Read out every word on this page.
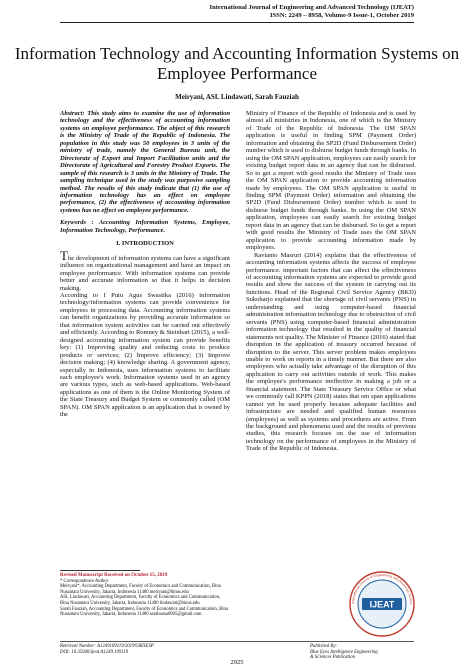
International Journal of Engineering and Advanced Technology (IJEAT)
ISSN: 2249 – 8958, Volume-9 Issue-1, October 2019
Information Technology and Accounting Information Systems on Employee Performance
Meiryani, ASL Lindawati, Sarah Fauziah

Abstract: This study aims to examine the use of information technology and the effectiveness of accounting information systems on employee performance. The object of this research is the Ministry of Trade of the Republic of Indonesia. The population in this study was 50 employees in 3 units of the ministry of trade, namely the General Bureau unit, the Directorate of Export and Import Facilitation units and the Directorate of Agricultural and Forestry Product Exports. The sample of this research is 3 units in the Ministry of Trade. The sampling technique used in the study was purposive sampling method. The results of this study indicate that (1) the use of information technology has an effect on employee performance, (2) the effectiveness of accounting information systems has no effect on employee performance.

Keywords : Accounting Information Systems, Employee, Information Technology, Performance.

I. INTRODUCTION

The development of information systems can have a significant influence on organizational management and have an impact on employee performance. With information systems can provide better and accurate information so that it helps in decision making.

According to I Putu Agus Swastika (2016) information technology/information systems can provide convenience for employees in processing data. Accounting information systems can benefit organizations by providing accurate information so that information system activities can be carried out effectively and efficiently. According to Romney & Steinbart (2015), a well-designed accounting information system can provide benefits key: (1) Improving quality and reducing costs to produce products or services; (2) Improve efficiency; (3) Improve decision making; (4) knowledge sharing. A government agency, especially in Indonesia, uses information systems to facilitate each employee's work. Information systems used in an agency are various types, such as web-based applications. Web-based applications as one of them is the Online Monitoring System of the State Treasury and Budget System or commonly called (OM SPAN). OM SPAN application is an application that is owned by the

Ministry of Finance of the Republic of Indonesia and is used by almost all ministries in Indonesia, one of which is the Ministry of Trade of the Republic of Indonesia. The OM SPAN application is useful in finding SPM (Payment Order) information and obtaining the SP2D (Fund Disbursement Order) number which is used to disburse budget funds through banks. In using the OM SPAN application, employees can easily search for existing budget report data in an agency that can be disbursed. So to get a report with good results the Ministry of Trade uses the OM SPAN application to provide accounting information made by employees. The OM SPAN application is useful in finding SPM (Payment Order) information and obtaining the SP2D (Fund Disbursement Order) number which is used to disburse budget funds through banks. In using the OM SPAN application, employees can easily search for existing budget report data in an agency that can be disbursed. So to get a report with good results the Ministry of Trade uses the OM SPAN application to provide accounting information made by employees.

Ravianto Masruri (2014) explains that the effectiveness of accounting information systems affects the success of employee performance. important factors that can affect the effectiveness of accounting information systems are expected to provide good results and show the success of the system in carrying out its functions. Head of the Regional Civil Service Agency (BKD) Sukoharjo explained that the shortage of civil servants (PNS) in understanding and using computer-based financial administration information technology due to obstruction of civil servants (PNS) using computer-based financial administration information technology that resulted in the quality of financial statements not quality. The Minister of Finance (2016) stated that disruption in the application of treasury occurred because of disruption to the server. This server problem makes employees unable to work on reports in a timely manner. But there are also employees who actually take advantage of the disruption of this application to carry out activities outside of work. This makes the employee's performance ineffective in making a job or a financial statement. The State Treasury Service Office or what we commonly call KPPN (2018) states that om span applications cannot yet be used properly because adequate facilities and infrastructure are needed and qualified human resources (employees) as well as systems and procedures are active. From the background and phenomena used and the results of previous studies, this research focuses on the use of information technology on the performance of employees in the Ministry of Trade of the Republic of Indonesia.

Revised Manuscript Received on October 15, 2019
* Correspondence Author
Meiryani*, Accounting Department, Faculty of Economics and Communication, Bina Nusantara University, Jakarta, Indonesia 11480 meiryani@binus.edu
ASL Lindawati, Accounting Department, Faculty of Economics and Communication, Bina Nusantara University, Jakarta, Indonesia 11480 lindawati@binus.edu
Sarah Fauziah, Accounting Department, Faculty of Economics and Communication, Bina Nusantara University, Jakarta, Indonesia 11480 sarahsana0005@gmail.com
Retrieval Number: A1249109119/2019©BEIESP
DOI: 10.35940/ijeat.A1249.109119
2925
Published By:
Blue Eyes Intelligence Engineering
& Sciences Publication
IJEAT
International Journal of Engineering and Advanced Techno
